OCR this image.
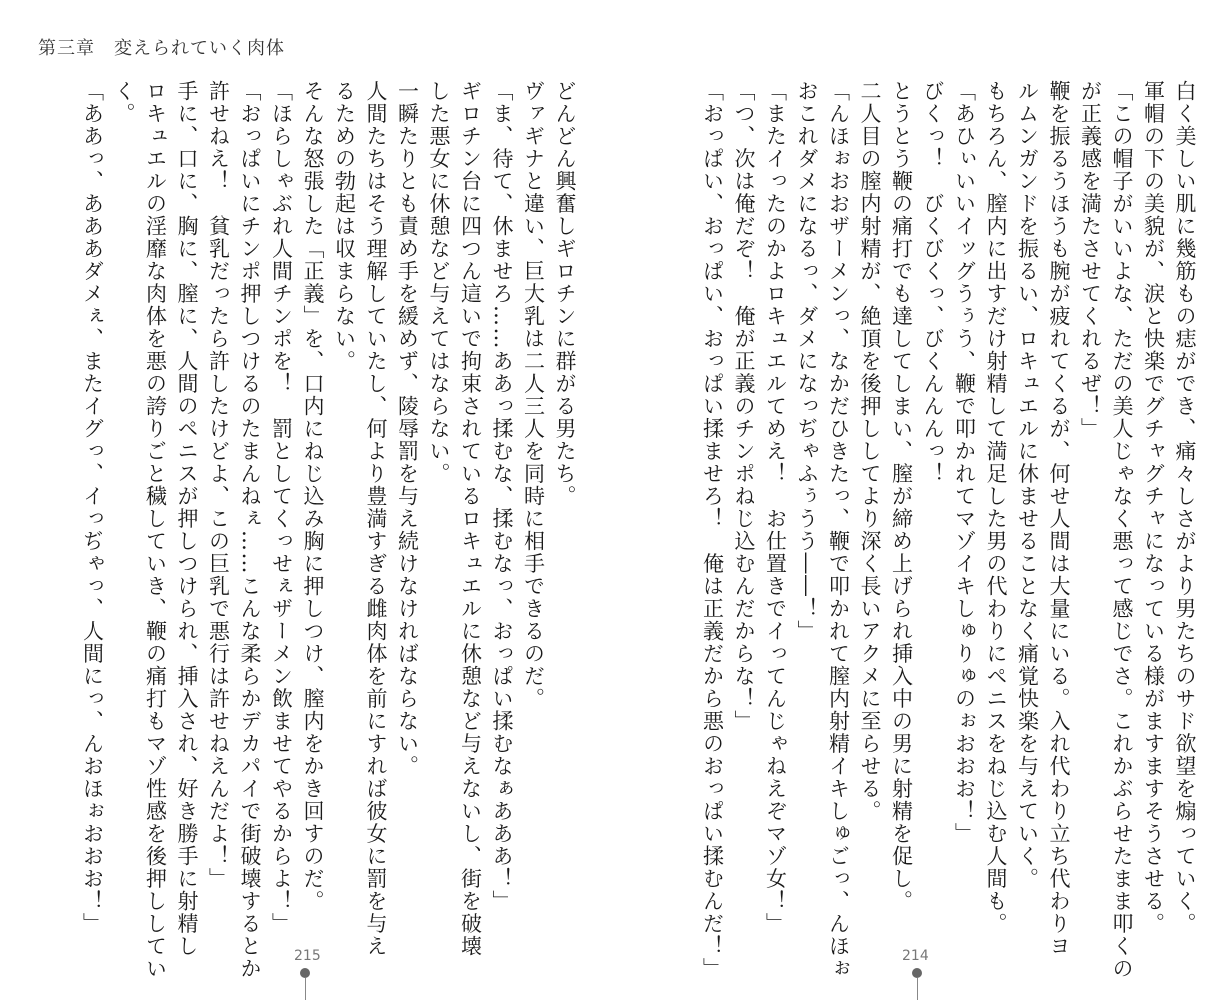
第三章　変えられていく肉体

白く美しい肌に幾筋もの痣ができ、痛々しさがより男たちのサド欲望を煽っていく。

軍帽の下の美貌が、涙と快楽でグチャグチャになっている様がますますそうさせる。

「この帽子がいいよな、ただの美人じゃなく悪って感じでさ。これかぶらせたまま叩くの

が正義感を満たさせてくれるぜ！」

鞭を振るうほうも腕が疲れてくるが、何せ人間は大量にいる。入れ代わり立ち代わりヨ

ルムンガンドを振るい、ロキュエルに休ませることなく痛覚快楽を与えていく。

もちろん、膣内に出すだけ射精して満足した男の代わりにペニスをねじ込む人間も。

「あひぃいいイッグうぅう、鞭で叩かれてマゾイキしゅりゅのぉおおお！」

びくっ！　びくびくっ、びくんんんっ！

とうとう鞭の痛打でも達してしまい、膣が締め上げられ挿入中の男に射精を促し。

二人目の膣内射精が、絶頂を後押ししてより深く長いアクメに至らせる。

「んほぉおおザーメンっ、なかだひきたっ、鞭で叩かれて膣内射精イキしゅごっ、んほぉ

おこれダメになるっ、ダメになっぢゃふぅうう――！」

「またイったのかよロキュエルてめえ！　お仕置きでイってんじゃねえぞマゾ女！」

「つ、次は俺だぞ！　俺が正義のチンポねじ込むんだからな！」

「おっぱい、おっぱい、おっぱい揉ませろ！　俺は正義だから悪のおっぱい揉むんだ！」

どんどん興奮しギロチンに群がる男たち。

ヴァギナと違い、巨大乳は二人三人を同時に相手できるのだ。

「ま、待て、休ませろ……ああっ揉むな、揉むなっ、おっぱい揉むなぁあああ！」

ギロチン台に四つん這いで拘束されているロキュエルに休憩など与えないし、街を破壊

した悪女に休憩など与えてはならない。

一瞬たりとも責め手を緩めず、陵辱罰を与え続けなければならない。

人間たちはそう理解していたし、何より豊満すぎる雌肉体を前にすれば彼女に罰を与え

るための勃起は収まらない。

そんな怒張した「正義」を、口内にねじ込み胸に押しつけ、膣内をかき回すのだ。

「ほらしゃぶれ人間チンポを！　罰としてくっせぇザーメン飲ませてやるからよ！」

「おっぱいにチンポ押しつけるのたまんねぇ……こんな柔らかデカパイで街破壊するとか

許せねえ！　貧乳だったら許したけどよ、この巨乳で悪行は許せねえんだよ！」

手に、口に、胸に、膣に、人間のペニスが押しつけられ、挿入され、好き勝手に射精し

ロキュエルの淫靡な肉体を悪の誇りごと穢していき、鞭の痛打もマゾ性感を後押ししてい

く。

「ああっ、あああダメぇ、またイグっ、イっぢゃっ、人間にっ、んおほぉおおお！」

215	214
